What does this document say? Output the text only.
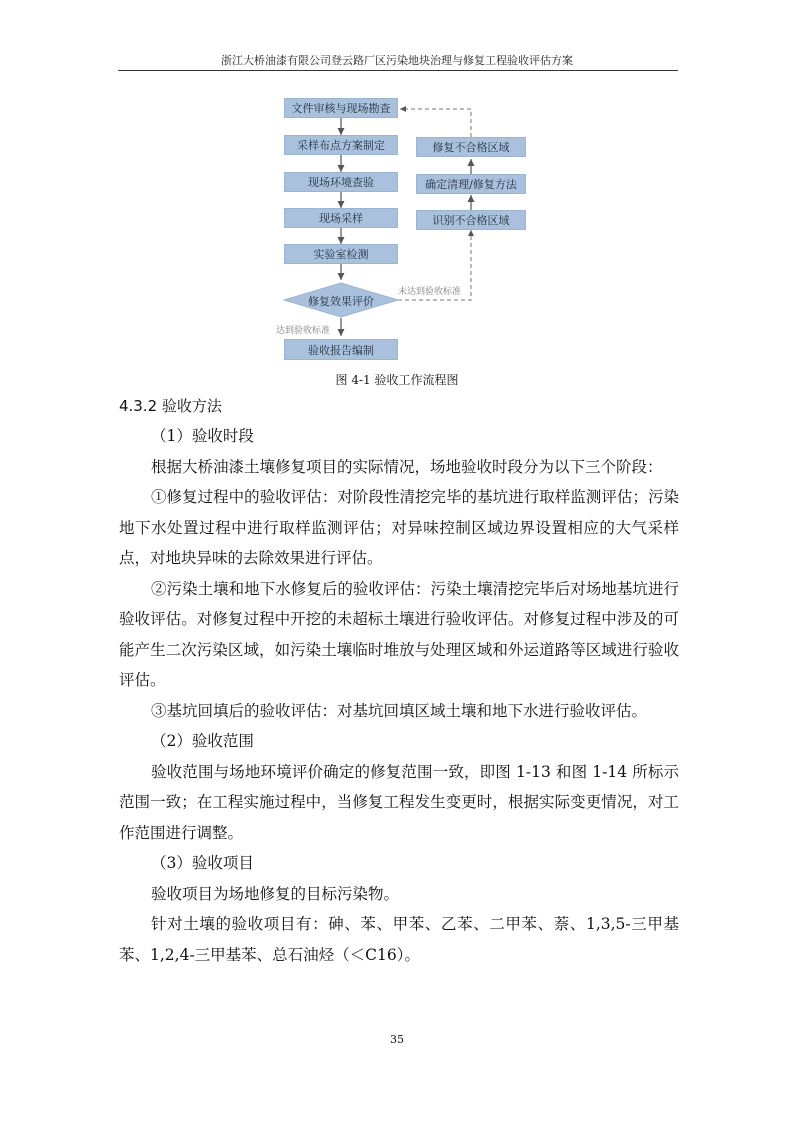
浙江大桥油漆有限公司登云路厂区污染地块治理与修复工程验收评估方案
文件审核与现场勘查
采样布点方案制定
现场环境查验
现场采样
实验室检测
修复效果评价
验收报告编制
修复不合格区域
确定清理/修复方法
识别不合格区域
未达到验收标准
达到验收标准
图 4-1 验收工作流程图

4.3.2 验收方法

（1）验收时段

根据大桥油漆土壤修复项目的实际情况，场地验收时段分为以下三个阶段：

①修复过程中的验收评估：对阶段性清挖完毕的基坑进行取样监测评估；污染地下水处置过程中进行取样监测评估；对异味控制区域边界设置相应的大气采样点，对地块异味的去除效果进行评估。

②污染土壤和地下水修复后的验收评估：污染土壤清挖完毕后对场地基坑进行验收评估。对修复过程中开挖的未超标土壤进行验收评估。对修复过程中涉及的可能产生二次污染区域，如污染土壤临时堆放与处理区域和外运道路等区域进行验收评估。

③基坑回填后的验收评估：对基坑回填区域土壤和地下水进行验收评估。

（2）验收范围

验收范围与场地环境评价确定的修复范围一致，即图 1-13 和图 1-14 所标示范围一致；在工程实施过程中，当修复工程发生变更时，根据实际变更情况，对工作范围进行调整。

（3）验收项目

验收项目为场地修复的目标污染物。

针对土壤的验收项目有：砷、苯、甲苯、乙苯、二甲苯、萘、1,3,5-三甲基苯、1,2,4-三甲基苯、总石油烃（＜C16）。

35
